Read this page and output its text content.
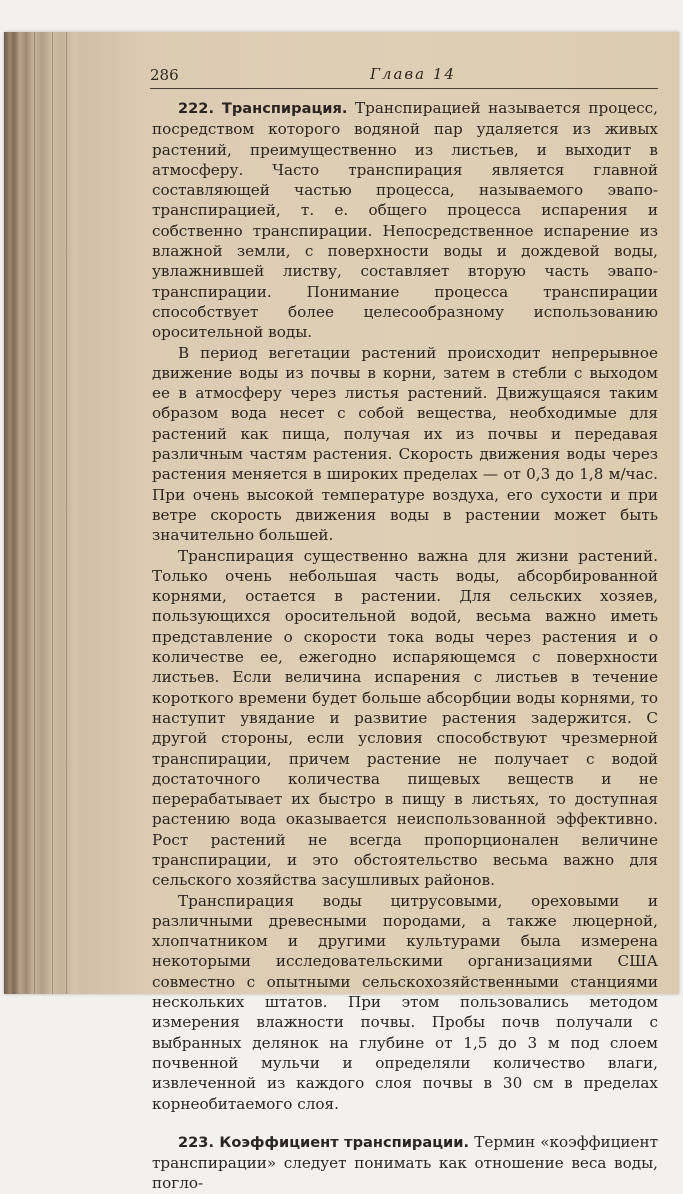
286	Глава 14

222. Транспирация. Транспирацией называется процесс, посредством которого водяной пар удаляется из живых растений, преимущественно из листьев, и выходит в атмосферу. Часто транспирация является главной составляющей частью процесса, называемого эвапо-транспирацией, т. е. общего процесса испарения и собственно транспирации. Непосредственное испарение из влажной земли, с поверхности воды и дождевой воды, увлажнившей листву, составляет вторую часть эвапо-транспирации. Понимание процесса транспирации способствует более целесообразному использованию оросительной воды.

В период вегетации растений происходит непрерывное движение воды из почвы в корни, затем в стебли с выходом ее в атмосферу через листья растений. Движущаяся таким образом вода несет с собой вещества, необходимые для растений как пища, получая их из почвы и передавая различным частям растения. Скорость движения воды через растения меняется в широких пределах — от 0,3 до 1,8 м/час. При очень высокой температуре воздуха, его сухости и при ветре скорость движения воды в растении может быть значительно большей.

Транспирация существенно важна для жизни растений. Только очень небольшая часть воды, абсорбированной корнями, остается в растении. Для сельских хозяев, пользующихся оросительной водой, весьма важно иметь представление о скорости тока воды через растения и о количестве ее, ежегодно испаряющемся с поверхности листьев. Если величина испарения с листьев в течение короткого времени будет больше абсорбции воды корнями, то наступит увядание и развитие растения задержится. С другой стороны, если условия способствуют чрезмерной транспирации, причем растение не получает с водой достаточного количества пищевых веществ и не перерабатывает их быстро в пищу в листьях, то доступная растению вода оказывается неиспользованной эффективно. Рост растений не всегда пропорционален величине транспирации, и это обстоятельство весьма важно для сельского хозяйства засушливых районов.

Транспирация воды цитрусовыми, ореховыми и различными древесными породами, а также люцерной, хлопчатником и другими культурами была измерена некоторыми исследовательскими организациями США совместно с опытными сельскохозяйственными станциями нескольких штатов. При этом пользовались методом измерения влажности почвы. Пробы почв получали с выбранных делянок на глубине от 1,5 до 3 м под слоем почвенной мульчи и определяли количество влаги, извлеченной из каждого слоя почвы в 30 см в пределах корнеобитаемого слоя.

223. Коэффициент транспирации. Термин «коэффициент транспирации» следует понимать как отношение веса воды, погло-
